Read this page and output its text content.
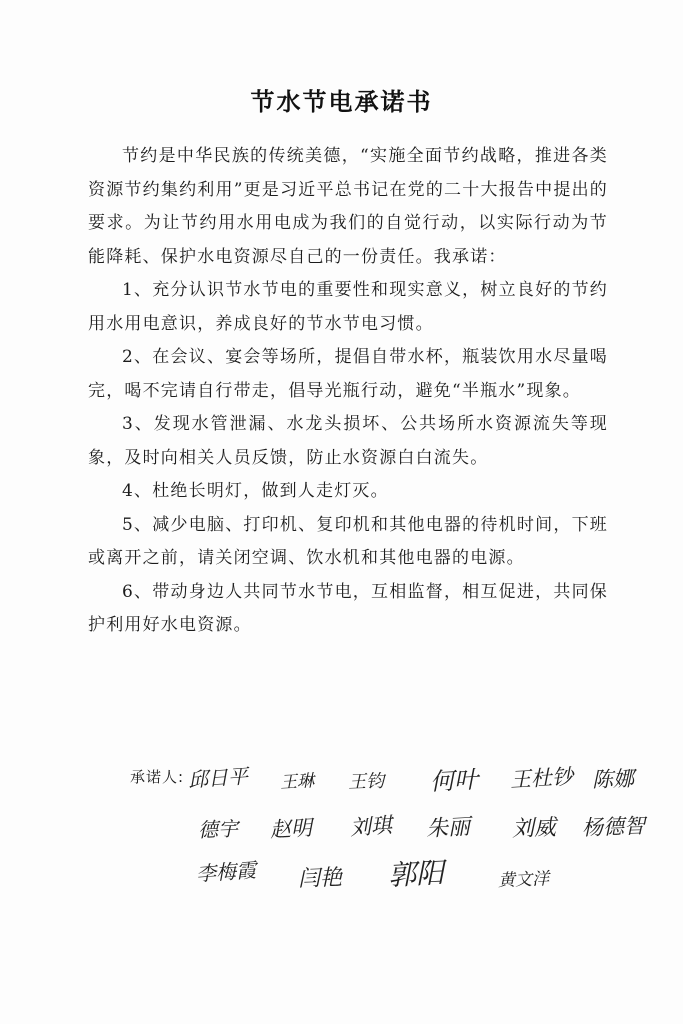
节水节电承诺书

节约是中华民族的传统美德，“实施全面节约战略，推进各类资源节约集约利用”更是习近平总书记在党的二十大报告中提出的要求。为让节约用水用电成为我们的自觉行动，以实际行动为节能降耗、保护水电资源尽自己的一份责任。我承诺：

1、充分认识节水节电的重要性和现实意义，树立良好的节约用水用电意识，养成良好的节水节电习惯。

2、在会议、宴会等场所，提倡自带水杯，瓶装饮用水尽量喝完，喝不完请自行带走，倡导光瓶行动，避免“半瓶水”现象。

3、发现水管泄漏、水龙头损坏、公共场所水资源流失等现象，及时向相关人员反馈，防止水资源白白流失。

4、杜绝长明灯，做到人走灯灭。

5、减少电脑、打印机、复印机和其他电器的待机时间，下班或离开之前，请关闭空调、饮水机和其他电器的电源。

6、带动身边人共同节水节电，互相监督，相互促进，共同保护利用好水电资源。

承诺人: 邱日平 王琳 王钧 何叶 王杜钞 陈娜
德宇 赵明 刘琪 朱丽 刘威 杨德智
李梅霞 闫艳 郭阳	黄文洋
